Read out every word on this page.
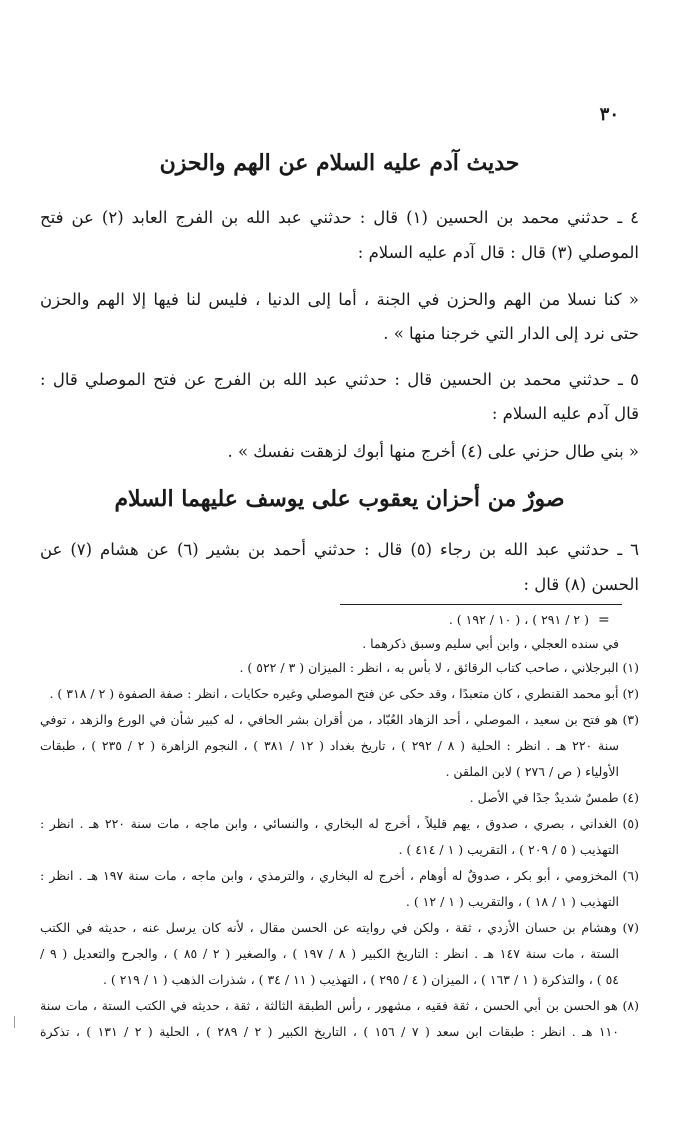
٣٠
حديث آدم عليه السلام عن الهم والحزن
٤ ـ حدثني محمد بن الحسين (١) قال : حدثني عبد الله بن الفرج العابد (٢) عن فتح
الموصلي (٣) قال : قال آدم عليه السلام :
« كنا نسلا من الهم والحزن في الجنة ، أما إلى الدنيا ، فليس لنا فيها إلا الهم والحزن
حتى نرد إلى الدار التي خرجنا منها » .
٥ ـ حدثني محمد بن الحسين قال : حدثني عبد الله بن الفرج عن فتح الموصلي قال :
قال آدم عليه السلام :
« بني طال حزني على (٤) أخرج منها أبوك لزهقت نفسك » .
صورٌ من أحزان يعقوب على يوسف عليهما السلام
٦ ـ حدثني عبد الله بن رجاء (٥) قال : حدثني أحمد بن بشير (٦) عن هشام (٧) عن
الحسن (٨) قال :
=
( ٢ / ٢٩١ ) ، ( ١٠ / ١٩٢ ) .
في سنده العجلي ، وابن أبي سليم وسبق ذكرهما .
(١) البرجلاني ، صاحب كتاب الرقائق ، لا بأس به ، انظر : الميزان ( ٣ / ٥٢٢ ) .
(٢) أبو محمد القنطري ، كان متعبدًا ، وقد حكى عن فتح الموصلي وغيره حكايات ، انظر : صفة الصفوة ( ٢ / ٣١٨ ) .
(٣) هو فتح بن سعيد ، الموصلي ، أحد الزهاد العُبّاد ، من أقران بشر الحافي ، له كبير شأن في الورع والزهد ، توفي
سنة ٢٢٠ هـ . انظر : الحلية ( ٨ / ٢٩٢ ) ، تاريخ بغداد ( ١٢ / ٣٨١ ) ، النجوم الزاهرة ( ٢ / ٢٣٥ ) ، طبقات
الأولياء ( ص / ٢٧٦ ) لابن الملقن .
(٤) طمسٌ شديدٌ جدًا في الأصل .
(٥) الغداني ، بصري ، صدوق ، يهم قليلاً ، أخرج له البخاري ، والنسائي ، وابن ماجه ، مات سنة ٢٢٠ هـ . انظر :
التهذيب ( ٥ / ٢٠٩ ) ، التقريب ( ١ / ٤١٤ ) .
(٦) المخزومي ، أبو بكر ، صدوقٌ له أوهام ، أخرج له البخاري ، والترمذي ، وابن ماجه ، مات سنة ١٩٧ هـ . انظر :
التهذيب ( ١ / ١٨ ) ، والتقريب ( ١ / ١٢ ) .
(٧) وهشام بن حسان الأزدي ، ثقة ، ولكن في روايته عن الحسن مقال ، لأنه كان يرسل عنه ، حديثه في الكتب
الستة ، مات سنة ١٤٧ هـ . انظر : التاريخ الكبير ( ٨ / ١٩٧ ) ، والصغير ( ٢ / ٨٥ ) ، والجرح والتعديل ( ٩ /
٥٤ ) ، والتذكرة ( ١ / ١٦٣ ) ، الميزان ( ٤ / ٢٩٥ ) ، التهذيب ( ١١ / ٣٤ ) ، شذرات الذهب ( ١ / ٢١٩ ) .
(٨) هو الحسن بن أبي الحسن ، ثقة فقيه ، مشهور ، رأس الطبقة الثالثة ، ثقة ، حديثه في الكتب الستة ، مات سنة
١١٠ هـ . انظر : طبقات ابن سعد ( ٧ / ١٥٦ ) ، التاريخ الكبير ( ٢ / ٢٨٩ ) ، الحلية ( ٢ / ١٣١ ) ، تذكرة
